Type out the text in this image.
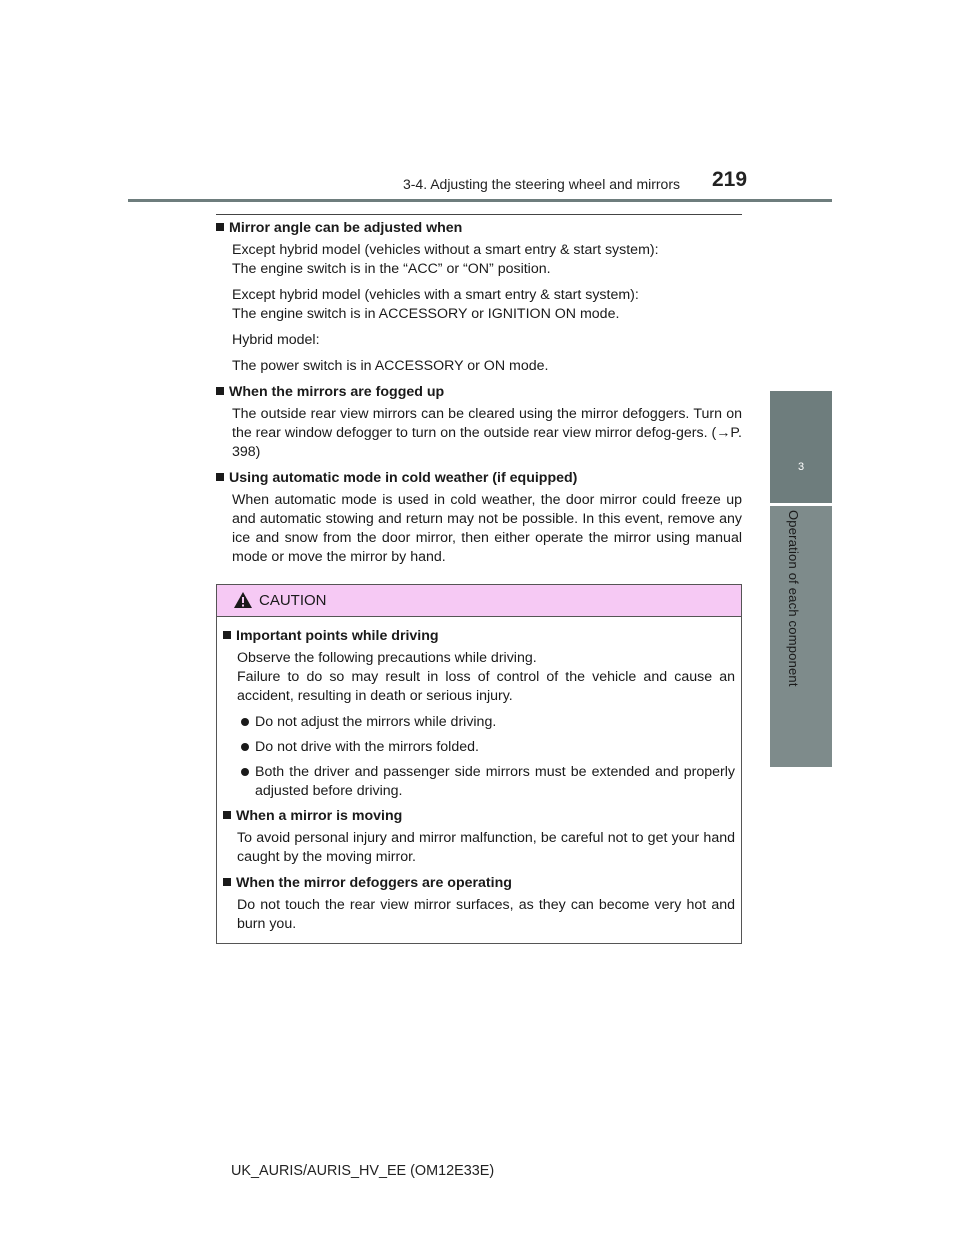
3-4. Adjusting the steering wheel and mirrors 219
3
Operation of each component
Mirror angle can be adjusted when
Except hybrid model (vehicles without a smart entry & start system):
The engine switch is in the “ACC” or “ON” position.
Except hybrid model (vehicles with a smart entry & start system):
The engine switch is in ACCESSORY or IGNITION ON mode.
Hybrid model:
The power switch is in ACCESSORY or ON mode.
When the mirrors are fogged up
The outside rear view mirrors can be cleared using the mirror defoggers. Turn on the rear window defogger to turn on the outside rear view mirror defog-gers. (→P. 398)
Using automatic mode in cold weather (if equipped)
When automatic mode is used in cold weather, the door mirror could freeze up and automatic stowing and return may not be possible. In this event, remove any ice and snow from the door mirror, then either operate the mirror using manual mode or move the mirror by hand.
CAUTION
Important points while driving
Observe the following precautions while driving.
Failure to do so may result in loss of control of the vehicle and cause an accident, resulting in death or serious injury.
Do not adjust the mirrors while driving.
Do not drive with the mirrors folded.
Both the driver and passenger side mirrors must be extended and properly adjusted before driving.
When a mirror is moving
To avoid personal injury and mirror malfunction, be careful not to get your hand caught by the moving mirror.
When the mirror defoggers are operating
Do not touch the rear view mirror surfaces, as they can become very hot and burn you.
UK_AURIS/AURIS_HV_EE (OM12E33E)
